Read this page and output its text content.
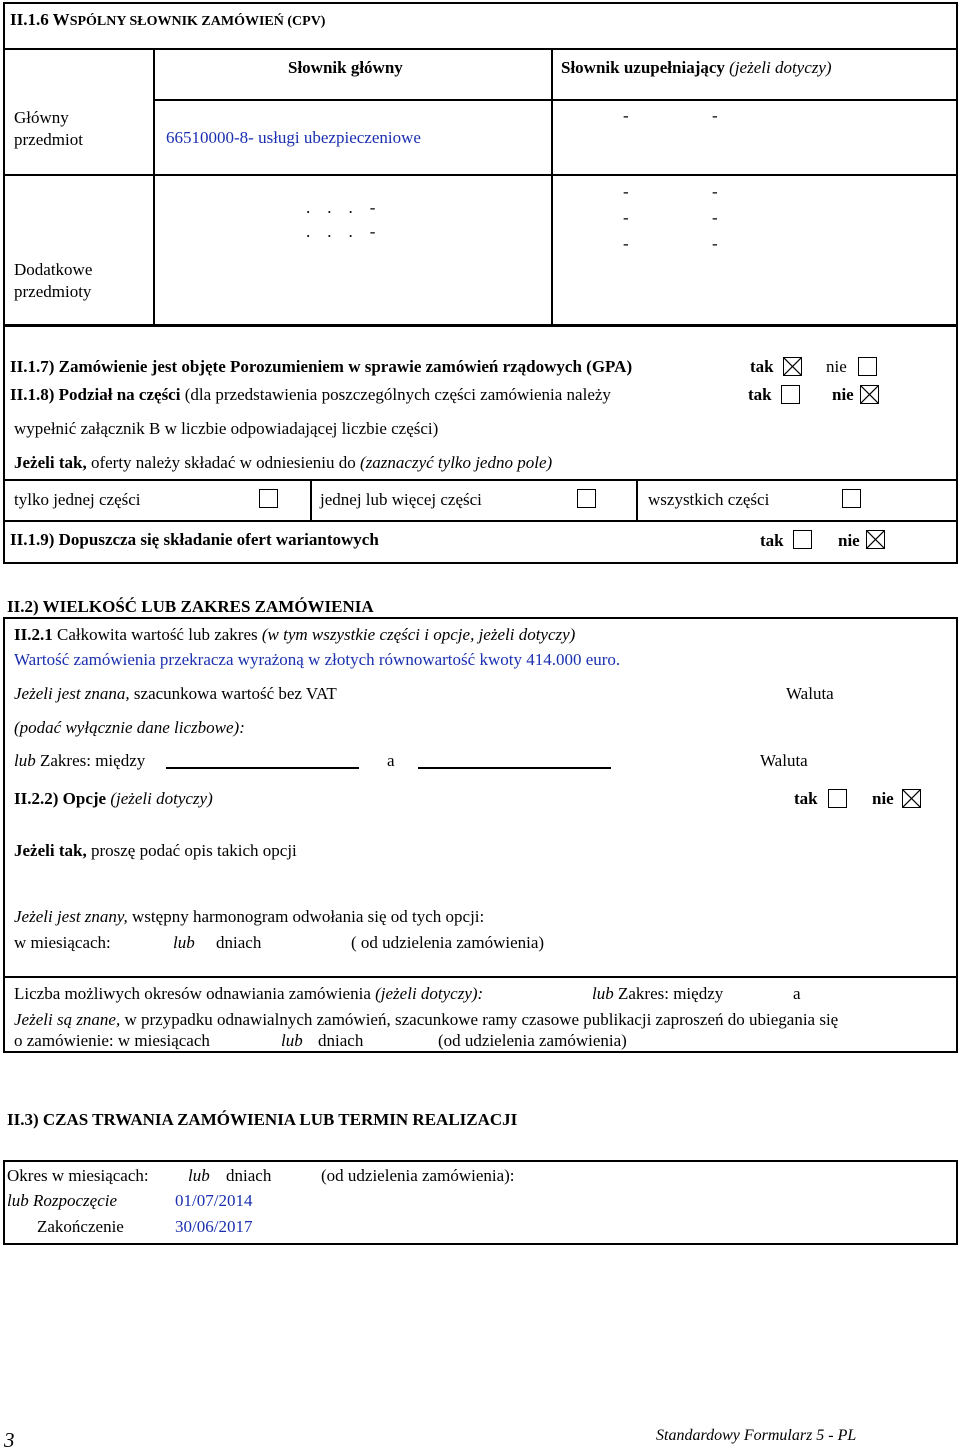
II.1.6 WSPÓLNY SŁOWNIK ZAMÓWIEŃ (CPV)
Słownik główny	Słownik uzupełniający (jeżeli dotyczy)
Główny
przedmiot	66510000-8- usługi ubezpieczeniowe
-	-
Dodatkowe
przedmioty
.    .    .    -
.    .    .    -
-	-
-	-
-	-
II.1.7) Zamówienie jest objęte Porozumieniem w sprawie zamówień rządowych (GPA)	tak	nie
II.1.8) Podział na części (dla przedstawienia poszczególnych części zamówienia należy	tak	nie
wypełnić załącznik B w liczbie odpowiadającej liczbie części)
Jeżeli tak, oferty należy składać w odniesieniu do (zaznaczyć tylko jedno pole)
tylko jednej części	jednej lub więcej części	wszystkich części
II.1.9) Dopuszcza się składanie ofert wariantowych	tak	nie
II.2) WIELKOŚĆ LUB ZAKRES ZAMÓWIENIA
II.2.1 Całkowita wartość lub zakres (w tym wszystkie części i opcje, jeżeli dotyczy)
Wartość zamówienia przekracza wyrażoną w złotych równowartość kwoty 414.000 euro.
Jeżeli jest znana, szacunkowa wartość bez VAT	Waluta
(podać wyłącznie dane liczbowe):
lub Zakres: między	a	Waluta
II.2.2) Opcje (jeżeli dotyczy)	tak	nie
Jeżeli tak, proszę podać opis takich opcji
Jeżeli jest znany, wstępny harmonogram odwołania się od tych opcji:
w miesiącach:	lub dniach	( od udzielenia zamówienia)
Liczba możliwych okresów odnawiania zamówienia (jeżeli dotyczy):	lub Zakres: między	a
Jeżeli są znane, w przypadku odnawialnych zamówień, szacunkowe ramy czasowe publikacji zaproszeń do ubiegania się
o zamówienie: w miesiącach	lub dniach	(od udzielenia zamówienia)
II.3) CZAS TRWANIA ZAMÓWIENIA LUB TERMIN REALIZACJI
Okres w miesiącach: lub dniach	(od udzielenia zamówienia):
lub Rozpoczęcie	01/07/2014
Zakończenie	30/06/2017
3	Standardowy Formularz 5 - PL
